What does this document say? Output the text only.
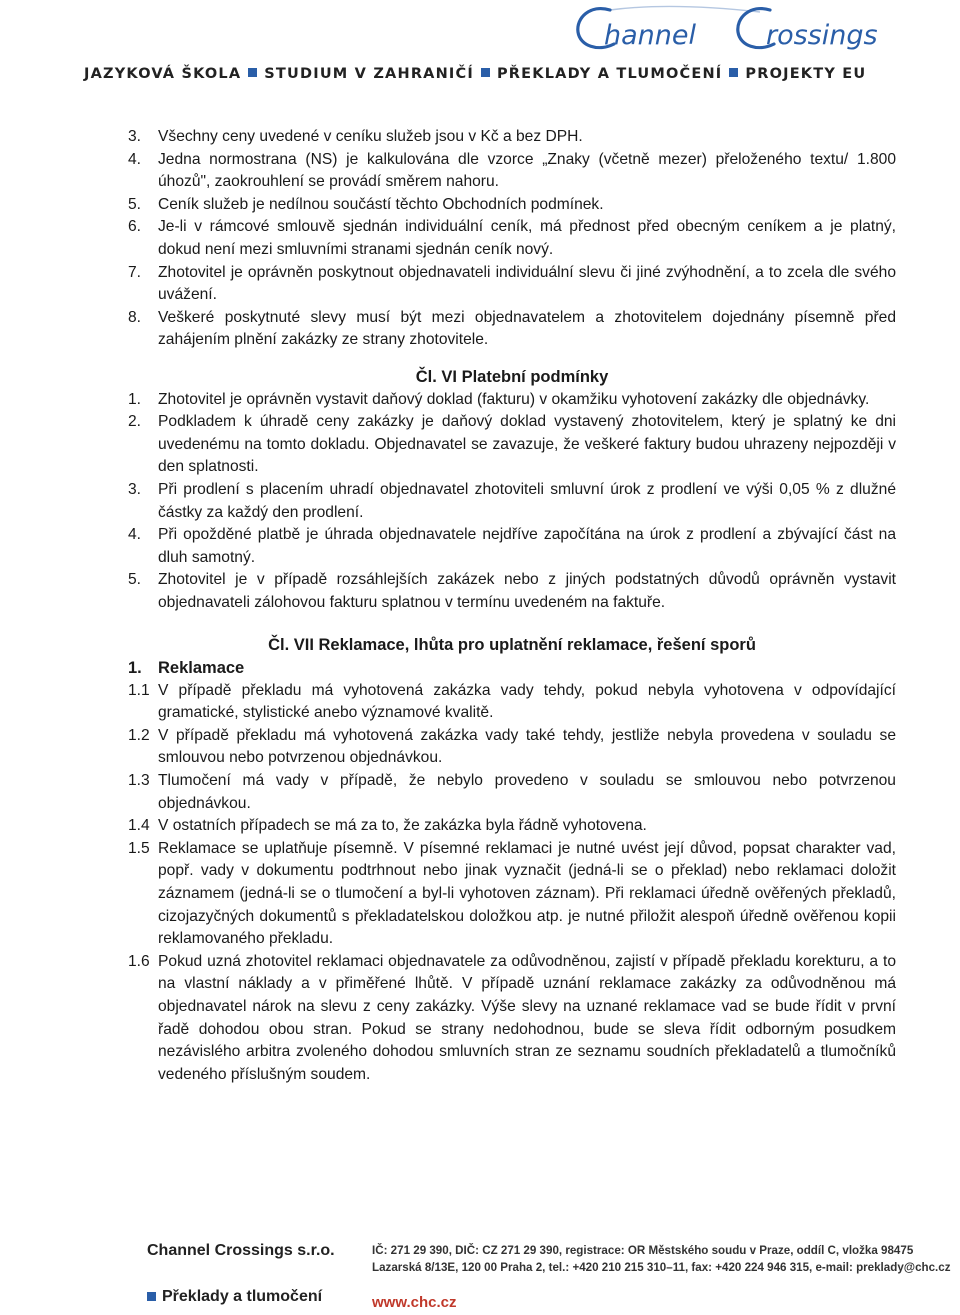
hannel	rossings
JAZYKOVÁ ŠKOLA STUDIUM V ZAHRANIČÍ PŘEKLADY A TLUMOČENÍ PROJEKTY EU
3.	Všechny ceny uvedené v ceníku služeb jsou v Kč a bez DPH.
4.	Jedna normostrana (NS) je kalkulována dle vzorce „Znaky (včetně mezer) přeloženého textu/ 1.800 úhozů", zaokrouhlení se provádí směrem nahoru.
5.	Ceník služeb je nedílnou součástí těchto Obchodních podmínek.
6.	Je-li v rámcové smlouvě sjednán individuální ceník, má přednost před obecným ceníkem a je platný, dokud není mezi smluvními stranami sjednán ceník nový.
7.	Zhotovitel je oprávněn poskytnout objednavateli individuální slevu či jiné zvýhodnění, a to zcela dle svého uvážení.
8.	Veškeré poskytnuté slevy musí být mezi objednavatelem a zhotovitelem dojednány písemně před zahájením plnění zakázky ze strany zhotovitele.
Čl. VI Platební podmínky
1.	Zhotovitel je oprávněn vystavit daňový doklad (fakturu) v okamžiku vyhotovení zakázky dle objednávky.
2.	Podkladem k úhradě ceny zakázky je daňový doklad vystavený zhotovitelem, který je splatný ke dni uvedenému na tomto dokladu. Objednavatel se zavazuje, že veškeré faktury budou uhrazeny nejpozději v den splatnosti.
3.	Při prodlení s placením uhradí objednavatel zhotoviteli smluvní úrok z prodlení ve výši 0,05 % z dlužné částky za každý den prodlení.
4.	Při opožděné platbě je úhrada objednavatele nejdříve započítána na úrok z prodlení a zbývající část na dluh samotný.
5.	Zhotovitel je v případě rozsáhlejších zakázek nebo z jiných podstatných důvodů oprávněn vystavit objednavateli zálohovou fakturu splatnou v termínu uvedeném na faktuře.
Čl. VII Reklamace, lhůta pro uplatnění reklamace, řešení sporů
1. Reklamace
1.1 V případě překladu má vyhotovená zakázka vady tehdy, pokud nebyla vyhotovena v odpovídající gramatické, stylistické anebo významové kvalitě.
1.2 V případě překladu má vyhotovená zakázka vady také tehdy, jestliže nebyla provedena v souladu se smlouvou nebo potvrzenou objednávkou.
1.3 Tlumočení má vady v případě, že nebylo provedeno v souladu se smlouvou nebo potvrzenou objednávkou.
1.4 V ostatních případech se má za to, že zakázka byla řádně vyhotovena.
1.5 Reklamace se uplatňuje písemně. V písemné reklamaci je nutné uvést její důvod, popsat charakter vad, popř. vady v dokumentu podtrhnout nebo jinak vyznačit (jedná-li se o překlad) nebo reklamaci doložit záznamem (jedná-li se o tlumočení a byl-li vyhotoven záznam). Při reklamaci úředně ověřených překladů, cizojazyčných dokumentů s překladatelskou doložkou atp. je nutné přiložit alespoň úředně ověřenou kopii reklamovaného překladu.
1.6 Pokud uzná zhotovitel reklamaci objednavatele za odůvodněnou, zajistí v případě překladu korekturu, a to na vlastní náklady a v přiměřené lhůtě. V případě uznání reklamace zakázky za odůvodněnou má objednavatel nárok na slevu z ceny zakázky. Výše slevy na uznané reklamace vad se bude řídit v první řadě dohodou obou stran. Pokud se strany nedohodnou, bude se sleva řídit odborným posudkem nezávislého arbitra zvoleného dohodou smluvních stran ze seznamu soudních překladatelů a tlumočníků vedeného příslušným soudem.
Channel Crossings s.r.o.
Překlady a tlumočení
IČ: 271 29 390, DIČ: CZ 271 29 390, registrace: OR Městského soudu v Praze, oddíl C, vložka 98475
Lazarská 8/13E, 120 00 Praha 2, tel.: +420 210 215 310–11, fax: +420 224 946 315, e-mail: preklady@chc.cz
www.chc.cz
